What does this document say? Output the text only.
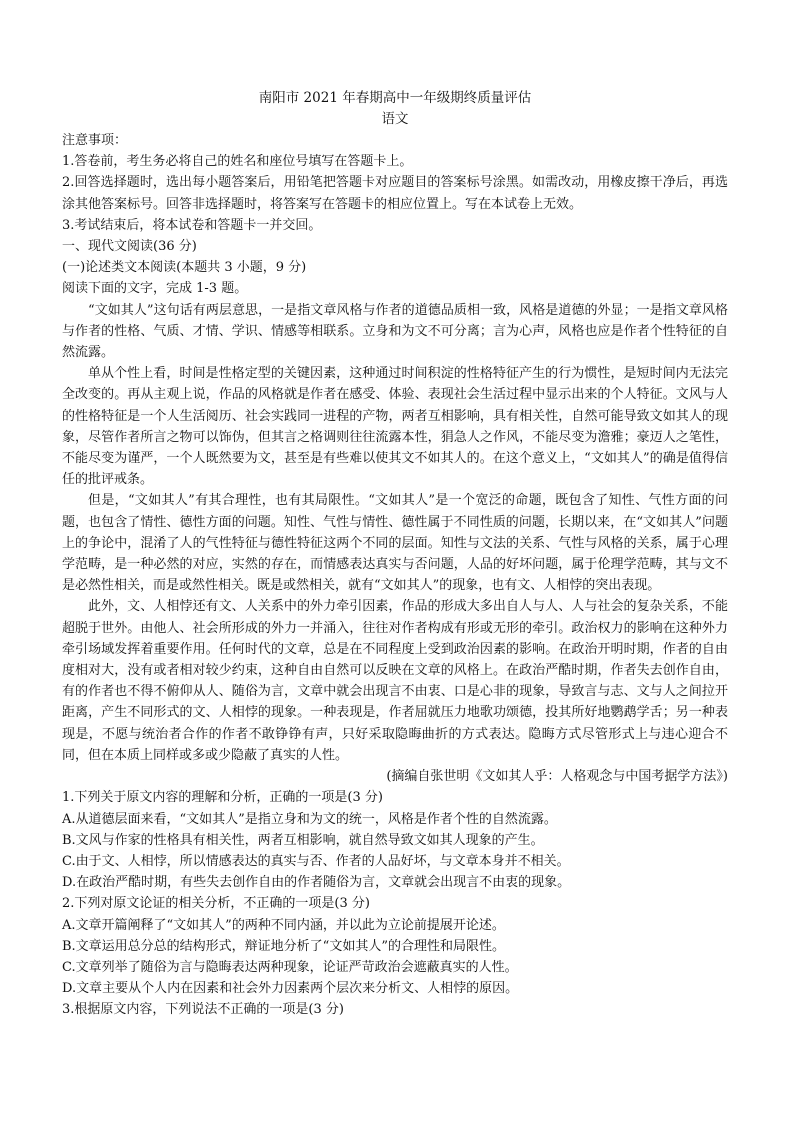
南阳市 2021 年春期高中一年级期终质量评估
语文

注意事项：

1.答卷前，考生务必将自己的姓名和座位号填写在答题卡上。

2.回答选择题时，选出每小题答案后，用铅笔把答题卡对应题目的答案标号涂黑。如需改动，用橡皮擦干净后，再选涂其他答案标号。回答非选择题时，将答案写在答题卡的相应位置上。写在本试卷上无效。

3.考试结束后，将本试卷和答题卡一并交回。

一、现代文阅读(36 分)

(一)论述类文本阅读(本题共 3 小题，9 分)

阅读下面的文字，完成 1-3 题。

“文如其人”这句话有两层意思，一是指文章风格与作者的道德品质相一致，风格是道德的外显；一是指文章风格与作者的性格、气质、才情、学识、情感等相联系。立身和为文不可分离；言为心声，风格也应是作者个性特征的自然流露。

单从个性上看，时间是性格定型的关键因素，这种通过时间积淀的性格特征产生的行为惯性，是短时间内无法完全改变的。再从主观上说，作品的风格就是作者在感受、体验、表现社会生活过程中显示出来的个人特征。文风与人的性格特征是一个人生活阅历、社会实践同一进程的产物，两者互相影响，具有相关性，自然可能导致文如其人的现象，尽管作者所言之物可以饰伪，但其言之格调则往往流露本性，狷急人之作风，不能尽变为澹雅；豪迈人之笔性，不能尽变为谨严，一个人既然要为文，甚至是有些难以使其文不如其人的。在这个意义上，“文如其人”的确是值得信任的批评戒条。

但是，“文如其人”有其合理性，也有其局限性。“文如其人”是一个宽泛的命题，既包含了知性、气性方面的问题，也包含了情性、德性方面的问题。知性、气性与情性、德性属于不同性质的问题，长期以来，在“文如其人”问题上的争论中，混淆了人的气性特征与德性特征这两个不同的层面。知性与文法的关系、气性与风格的关系，属于心理学范畴，是一种必然的对应，实然的存在，而情感表达真实与否问题，人品的好坏问题，属于伦理学范畴，其与文不是必然性相关，而是或然性相关。既是或然相关，就有“文如其人”的现象，也有文、人相悖的突出表现。

此外，文、人相悖还有文、人关系中的外力牵引因素，作品的形成大多出自人与人、人与社会的复杂关系，不能超脱于世外。由他人、社会所形成的外力一并涌入，往往对作者构成有形或无形的牵引。政治权力的影响在这种外力牵引场域发挥着重要作用。任何时代的文章，总是在不同程度上受到政治因素的影响。在政治开明时期，作者的自由度相对大，没有或者相对较少约束，这种自由自然可以反映在文章的风格上。在政治严酷时期，作者失去创作自由，有的作者也不得不俯仰从人、随俗为言，文章中就会出现言不由衷、口是心非的现象，导致言与志、文与人之间拉开距离，产生不同形式的文、人相悖的现象。一种表现是，作者屈就压力地歌功颂德，投其所好地鹦鹉学舌；另一种表现是，不愿与统治者合作的作者不敢铮铮有声，只好采取隐晦曲折的方式表达。隐晦方式尽管形式上与违心迎合不同，但在本质上同样或多或少隐蔽了真实的人性。

(摘编自张世明《文如其人乎：人格观念与中国考据学方法》)

1.下列关于原文内容的理解和分析，正确的一项是(3 分)

A.从道德层面来看，“文如其人”是指立身和为文的统一，风格是作者个性的自然流露。

B.文风与作家的性格具有相关性，两者互相影响，就自然导致文如其人现象的产生。

C.由于文、人相悖，所以情感表达的真实与否、作者的人品好坏，与文章本身并不相关。

D.在政治严酷时期，有些失去创作自由的作者随俗为言，文章就会出现言不由衷的现象。

2.下列对原文论证的相关分析，不正确的一项是(3 分)

A.文章开篇阐释了“文如其人”的两种不同内涵，并以此为立论前提展开论述。

B.文章运用总分总的结构形式，辩证地分析了“文如其人”的合理性和局限性。

C.文章列举了随俗为言与隐晦表达两种现象，论证严苛政治会遮蔽真实的人性。

D.文章主要从个人内在因素和社会外力因素两个层次来分析文、人相悖的原因。

3.根据原文内容，下列说法不正确的一项是(3 分)
